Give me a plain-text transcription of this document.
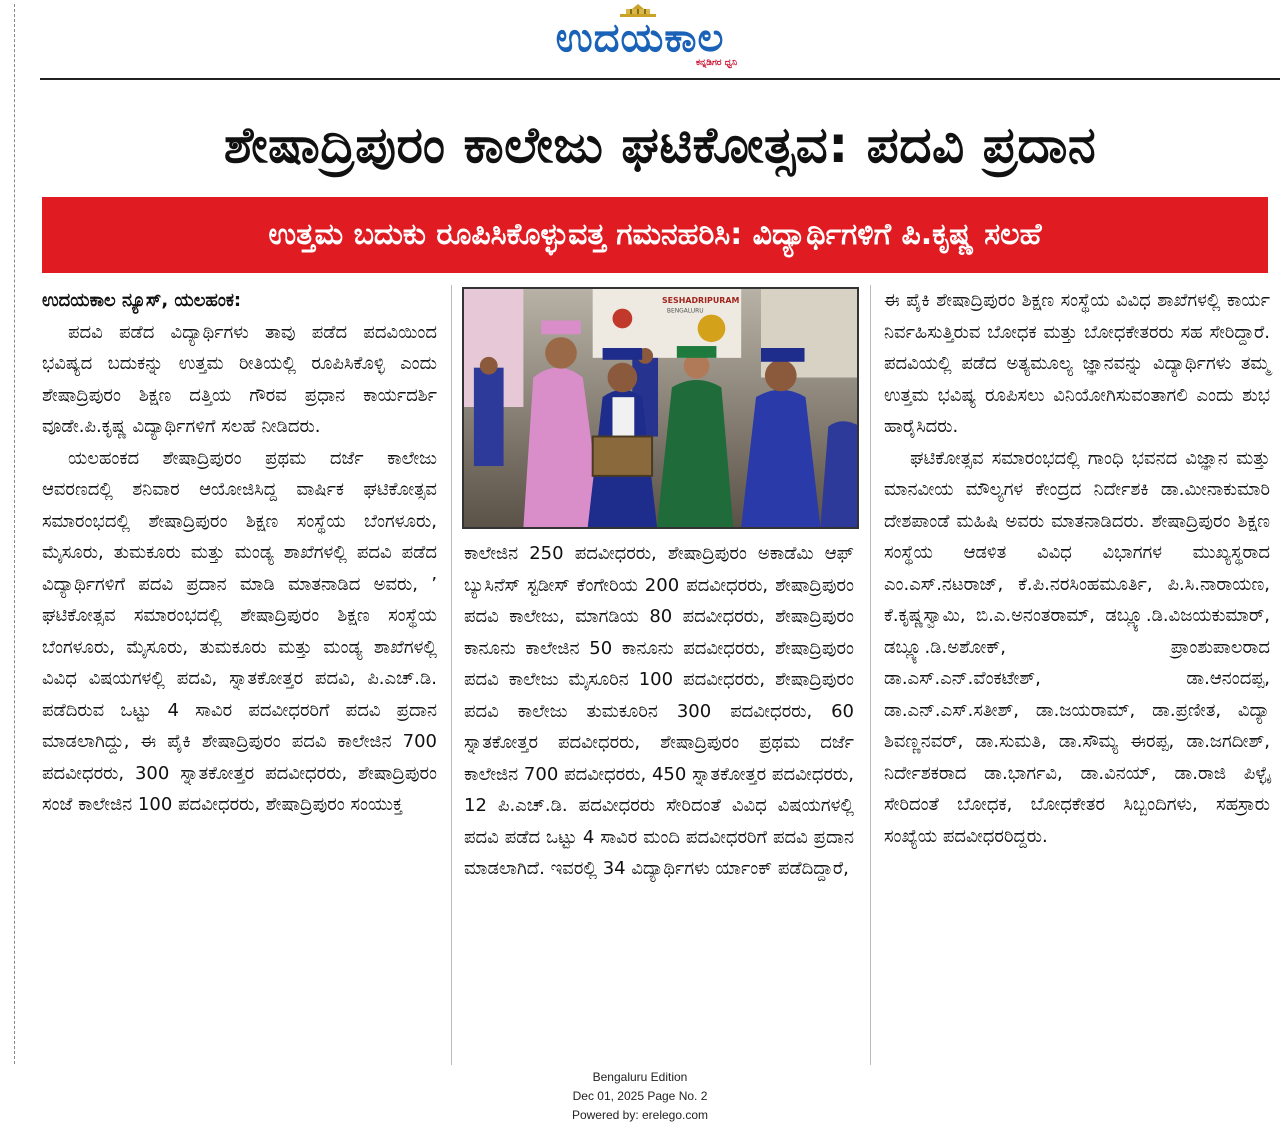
ಉದಯಕಾಲ
ಕನ್ನಡಿಗರ ಧ್ವನಿ
ಶೇಷಾದ್ರಿಪುರಂ ಕಾಲೇಜು ಘಟಿಕೋತ್ಸವ: ಪದವಿ ಪ್ರದಾನ
ಉತ್ತಮ ಬದುಕು ರೂಪಿಸಿಕೊಳ್ಳುವತ್ತ ಗಮನಹರಿಸಿ: ವಿದ್ಯಾರ್ಥಿಗಳಿಗೆ ಪಿ.ಕೃಷ್ಣ ಸಲಹೆ

ಉದಯಕಾಲ ನ್ಯೂಸ್, ಯಲಹಂಕ:

ಪದವಿ ಪಡೆದ ವಿದ್ಯಾರ್ಥಿಗಳು ತಾವು ಪಡೆದ ಪದವಿಯಿಂದ ಭವಿಷ್ಯದ ಬದುಕನ್ನು ಉತ್ತಮ ರೀತಿಯಲ್ಲಿ ರೂಪಿಸಿಕೊಳ್ಳಿ ಎಂದು ಶೇಷಾದ್ರಿಪುರಂ ಶಿಕ್ಷಣ ದತ್ತಿಯ ಗೌರವ ಪ್ರಧಾನ ಕಾರ್ಯದರ್ಶಿ ವೂಡೇ.ಪಿ.ಕೃಷ್ಣ ವಿದ್ಯಾರ್ಥಿಗಳಿಗೆ ಸಲಹೆ ನೀಡಿದರು.

ಯಲಹಂಕದ ಶೇಷಾದ್ರಿಪುರಂ ಪ್ರಥಮ ದರ್ಜೆ ಕಾಲೇಜು ಆವರಣದಲ್ಲಿ ಶನಿವಾರ ಆಯೋಜಿಸಿದ್ದ ವಾರ್ಷಿಕ ಘಟಿಕೋತ್ಸವ ಸಮಾರಂಭದಲ್ಲಿ ಶೇಷಾದ್ರಿಪುರಂ ಶಿಕ್ಷಣ ಸಂಸ್ಥೆಯ ಬೆಂಗಳೂರು, ಮೈಸೂರು, ತುಮಕೂರು ಮತ್ತು ಮಂಡ್ಯ ಶಾಖೆಗಳಲ್ಲಿ ಪದವಿ ಪಡೆದ ವಿದ್ಯಾರ್ಥಿಗಳಿಗೆ ಪದವಿ ಪ್ರದಾನ ಮಾಡಿ ಮಾತನಾಡಿದ ಅವರು, ’ ಘಟಿಕೋತ್ಸವ ಸಮಾರಂಭದಲ್ಲಿ ಶೇಷಾದ್ರಿಪುರಂ ಶಿಕ್ಷಣ ಸಂಸ್ಥೆಯ ಬೆಂಗಳೂರು, ಮೈಸೂರು, ತುಮಕೂರು ಮತ್ತು ಮಂಡ್ಯ ಶಾಖೆಗಳಲ್ಲಿ ವಿವಿಧ ವಿಷಯಗಳಲ್ಲಿ ಪದವಿ, ಸ್ನಾತಕೋತ್ತರ ಪದವಿ, ಪಿ.ಎಚ್.ಡಿ. ಪಡೆದಿರುವ ಒಟ್ಟು 4 ಸಾವಿರ ಪದವೀಧರರಿಗೆ ಪದವಿ ಪ್ರದಾನ ಮಾಡಲಾಗಿದ್ದು, ಈ ಪೈಕಿ ಶೇಷಾದ್ರಿಪುರಂ ಪದವಿ ಕಾಲೇಜಿನ 700 ಪದವೀಧರರು, 300 ಸ್ನಾತಕೋತ್ತರ ಪದವೀಧರರು, ಶೇಷಾದ್ರಿಪುರಂ ಸಂಜೆ ಕಾಲೇಜಿನ 100 ಪದವೀಧರರು, ಶೇಷಾದ್ರಿಪುರಂ ಸಂಯುಕ್ತ

SESHADRIPURAM
BENGALURU

ಕಾಲೇಜಿನ 250 ಪದವೀಧರರು, ಶೇಷಾದ್ರಿಪುರಂ ಅಕಾಡೆಮಿ ಆಫ್ ಬ್ಯುಸಿನೆಸ್ ಸ್ಟಡೀಸ್ ಕೆಂಗೇರಿಯ 200 ಪದವೀಧರರು, ಶೇಷಾದ್ರಿಪುರಂ ಪದವಿ ಕಾಲೇಜು, ಮಾಗಡಿಯ 80 ಪದವೀಧರರು, ಶೇಷಾದ್ರಿಪುರಂ ಕಾನೂನು ಕಾಲೇಜಿನ 50 ಕಾನೂನು ಪದವೀಧರರು, ಶೇಷಾದ್ರಿಪುರಂ ಪದವಿ ಕಾಲೇಜು ಮೈಸೂರಿನ 100 ಪದವೀಧರರು, ಶೇಷಾದ್ರಿಪುರಂ ಪದವಿ ಕಾಲೇಜು ತುಮಕೂರಿನ 300 ಪದವೀಧರರು, 60 ಸ್ನಾತಕೋತ್ತರ ಪದವೀಧರರು, ಶೇಷಾದ್ರಿಪುರಂ ಪ್ರಥಮ ದರ್ಜೆ ಕಾಲೇಜಿನ 700 ಪದವೀಧರರು, 450 ಸ್ನಾತಕೋತ್ತರ ಪದವೀಧರರು, 12 ಪಿ.ಎಚ್.ಡಿ. ಪದವೀಧರರು ಸೇರಿದಂತೆ ವಿವಿಧ ವಿಷಯಗಳಲ್ಲಿ ಪದವಿ ಪಡೆದ ಒಟ್ಟು 4 ಸಾವಿರ ಮಂದಿ ಪದವೀಧರರಿಗೆ ಪದವಿ ಪ್ರದಾನ ಮಾಡಲಾಗಿದೆ. ಇವರಲ್ಲಿ 34 ವಿದ್ಯಾರ್ಥಿಗಳು ರ್ಯಾಂಕ್ ಪಡೆದಿದ್ದಾರೆ,

ಈ ಪೈಕಿ ಶೇಷಾದ್ರಿಪುರಂ ಶಿಕ್ಷಣ ಸಂಸ್ಥೆಯ ವಿವಿಧ ಶಾಖೆಗಳಲ್ಲಿ ಕಾರ್ಯ ನಿರ್ವಹಿಸುತ್ತಿರುವ ಬೋಧಕ ಮತ್ತು ಬೋಧಕೇತರರು ಸಹ ಸೇರಿದ್ದಾರೆ. ಪದವಿಯಲ್ಲಿ ಪಡೆದ ಅತ್ಯಮೂಲ್ಯ ಜ್ಞಾನವನ್ನು ವಿದ್ಯಾರ್ಥಿಗಳು ತಮ್ಮ ಉತ್ತಮ ಭವಿಷ್ಯ ರೂಪಿಸಲು ವಿನಿಯೋಗಿಸುವಂತಾಗಲಿ ಎಂದು ಶುಭ ಹಾರೈಸಿದರು.

ಘಟಿಕೋತ್ಸವ ಸಮಾರಂಭದಲ್ಲಿ ಗಾಂಧಿ ಭವನದ ವಿಜ್ಞಾನ ಮತ್ತು ಮಾನವೀಯ ಮೌಲ್ಯಗಳ ಕೇಂದ್ರದ ನಿರ್ದೇಶಕಿ ಡಾ.ಮೀನಾಕುಮಾರಿ ದೇಶಪಾಂಡೆ ಮಹಿಷಿ ಅವರು ಮಾತನಾಡಿದರು. ಶೇಷಾದ್ರಿಪುರಂ ಶಿಕ್ಷಣ ಸಂಸ್ಥೆಯ ಆಡಳಿತ ವಿವಿಧ ವಿಭಾಗಗಳ ಮುಖ್ಯಸ್ಥರಾದ ಎಂ.ಎಸ್.ನಟರಾಜ್, ಕೆ.ಪಿ.ನರಸಿಂಹಮೂರ್ತಿ, ಪಿ.ಸಿ.ನಾರಾಯಣ, ಕೆ.ಕೃಷ್ಣಸ್ವಾಮಿ, ಬಿ.ಎ.ಅನಂತರಾಮ್, ಡಬ್ಲ್ಯೂ.ಡಿ.ವಿಜಯಕುಮಾರ್, ಡಬ್ಲ್ಯೂ.ಡಿ.ಅಶೋಕ್, ಪ್ರಾಂಶುಪಾಲರಾದ ಡಾ.ಎಸ್.ಎನ್.ವೆಂಕಟೇಶ್, ಡಾ.ಆನಂದಪ್ಪ, ಡಾ.ಎನ್.ಎಸ್.ಸತೀಶ್, ಡಾ.ಜಯರಾಮ್, ಡಾ.ಪ್ರಣೀತ, ವಿದ್ಯಾ ಶಿವಣ್ಣನವರ್, ಡಾ.ಸುಮತಿ, ಡಾ.ಸೌಮ್ಯ ಈರಪ್ಪ, ಡಾ.ಜಗದೀಶ್, ನಿರ್ದೇಶಕರಾದ ಡಾ.ಭಾರ್ಗವಿ, ಡಾ.ವಿನಯ್, ಡಾ.ರಾಜಿ ಪಿಳ್ಳೈ ಸೇರಿದಂತೆ ಬೋಧಕ, ಬೋಧಕೇತರ ಸಿಬ್ಬಂದಿಗಳು, ಸಹಸ್ರಾರು ಸಂಖ್ಯೆಯ ಪದವೀಧರರಿದ್ದರು.

Bengaluru Edition
Dec 01, 2025 Page No. 2
Powered by: erelego.com
